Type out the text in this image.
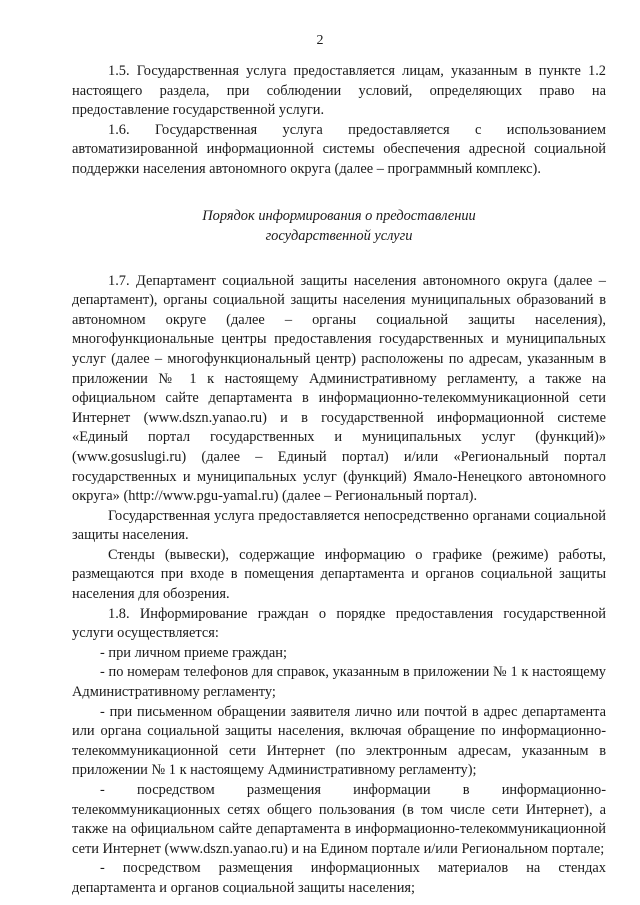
2

1.5. Государственная услуга предоставляется лицам, указанным в пункте 1.2 настоящего раздела, при соблюдении условий, определяющих право на предоставление государственной услуги.

1.6. Государственная услуга предоставляется с использованием автоматизированной информационной системы обеспечения адресной социальной поддержки населения автономного округа (далее – программный комплекс).

Порядок информирования о предоставлении
государственной услуги

1.7. Департамент социальной защиты населения автономного округа (далее – департамент), органы социальной защиты населения муниципальных образований в автономном округе (далее – органы социальной защиты населения), многофункциональные центры предоставления государственных и муниципальных услуг (далее – многофункциональный центр) расположены по адресам, указанным в приложении № 1 к настоящему Административному регламенту, а также на официальном сайте департамента в информационно-телекоммуникационной сети Интернет (www.dszn.yanao.ru) и в государственной информационной системе «Единый портал государственных и муниципальных услуг (функций)» (www.gosuslugi.ru) (далее – Единый портал) и/или «Региональный портал государственных и муниципальных услуг (функций) Ямало-Ненецкого автономного округа» (http://www.pgu-yamal.ru) (далее – Региональный портал).

Государственная услуга предоставляется непосредственно органами социальной защиты населения.

Стенды (вывески), содержащие информацию о графике (режиме) работы, размещаются при входе в помещения департамента и органов социальной защиты населения для обозрения.

1.8. Информирование граждан о порядке предоставления государственной услуги осуществляется:

- при личном приеме граждан;

- по номерам телефонов для справок, указанным в приложении № 1 к настоящему Административному регламенту;

- при письменном обращении заявителя лично или почтой в адрес департамента или органа социальной защиты населения, включая обращение по информационно-телекоммуникационной сети Интернет (по электронным адресам, указанным в приложении № 1 к настоящему Административному регламенту);

- посредством размещения информации в информационно-телекоммуникационных сетях общего пользования (в том числе сети Интернет), а также на официальном сайте департамента в информационно-телекоммуникационной сети Интернет (www.dszn.yanao.ru) и на Едином портале и/или Региональном портале;

- посредством размещения информационных материалов на стендах департамента и органов социальной защиты населения;
